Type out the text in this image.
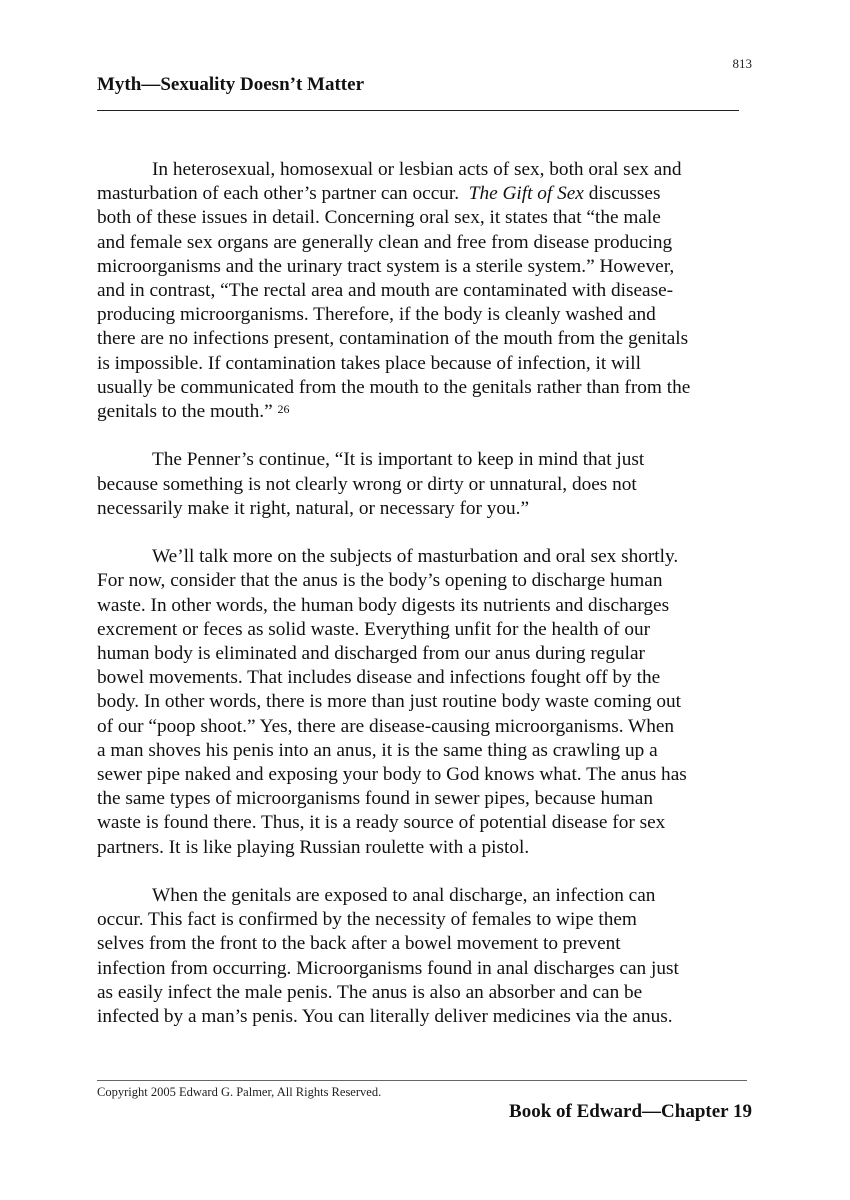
813
Myth—Sexuality Doesn’t Matter

In heterosexual, homosexual or lesbian acts of sex, both oral sex and
masturbation of each other’s partner can occur. The Gift of Sex discusses
both of these issues in detail. Concerning oral sex, it states that “the male
and female sex organs are generally clean and free from disease producing
microorganisms and the urinary tract system is a sterile system.” However,
and in contrast, “The rectal area and mouth are contaminated with disease-
producing microorganisms. Therefore, if the body is cleanly washed and
there are no infections present, contamination of the mouth from the genitals
is impossible. If contamination takes place because of infection, it will
usually be communicated from the mouth to the genitals rather than from the
genitals to the mouth.” $^{26}$

The Penner’s continue, “It is important to keep in mind that just
because something is not clearly wrong or dirty or unnatural, does not
necessarily make it right, natural, or necessary for you.”

We’ll talk more on the subjects of masturbation and oral sex shortly.
For now, consider that the anus is the body’s opening to discharge human
waste. In other words, the human body digests its nutrients and discharges
excrement or feces as solid waste. Everything unfit for the health of our
human body is eliminated and discharged from our anus during regular
bowel movements. That includes disease and infections fought off by the
body. In other words, there is more than just routine body waste coming out
of our “poop shoot.” Yes, there are disease-causing microorganisms. When
a man shoves his penis into an anus, it is the same thing as crawling up a
sewer pipe naked and exposing your body to God knows what. The anus has
the same types of microorganisms found in sewer pipes, because human
waste is found there. Thus, it is a ready source of potential disease for sex
partners. It is like playing Russian roulette with a pistol.

When the genitals are exposed to anal discharge, an infection can
occur. This fact is confirmed by the necessity of females to wipe them
selves from the front to the back after a bowel movement to prevent
infection from occurring. Microorganisms found in anal discharges can just
as easily infect the male penis. The anus is also an absorber and can be
infected by a man’s penis. You can literally deliver medicines via the anus.

Copyright 2005 Edward G. Palmer, All Rights Reserved.
Book of Edward—Chapter 19
